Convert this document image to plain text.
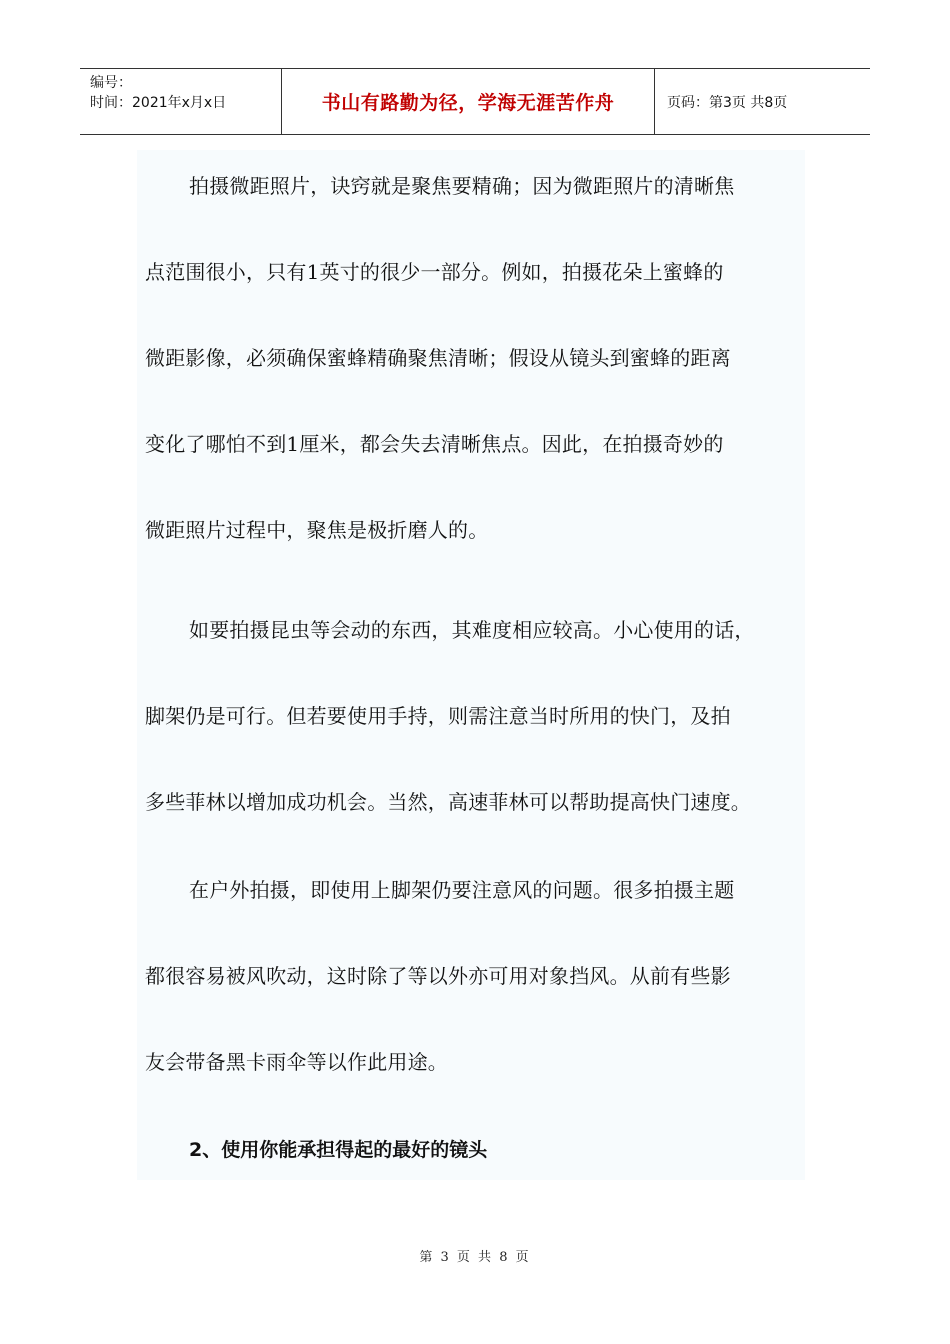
编号：
时间：2021年x月x日	书山有路勤为径，学海无涯苦作舟	页码：第3页 共8页
拍摄微距照片，诀窍就是聚焦要精确；因为微距照片的清晰焦
点范围很小，只有1英寸的很少一部分。例如，拍摄花朵上蜜蜂的
微距影像，必须确保蜜蜂精确聚焦清晰；假设从镜头到蜜蜂的距离
变化了哪怕不到1厘米，都会失去清晰焦点。因此，在拍摄奇妙的
微距照片过程中，聚焦是极折磨人的。
如要拍摄昆虫等会动的东西，其难度相应较高。小心使用的话，
脚架仍是可行。但若要使用手持，则需注意当时所用的快门，及拍
多些菲林以增加成功机会。当然，高速菲林可以帮助提高快门速度。
在户外拍摄，即使用上脚架仍要注意风的问题。很多拍摄主题
都很容易被风吹动，这时除了等以外亦可用对象挡风。从前有些影
友会带备黑卡雨伞等以作此用途。
2、使用你能承担得起的最好的镜头
第 3 页 共 8 页
